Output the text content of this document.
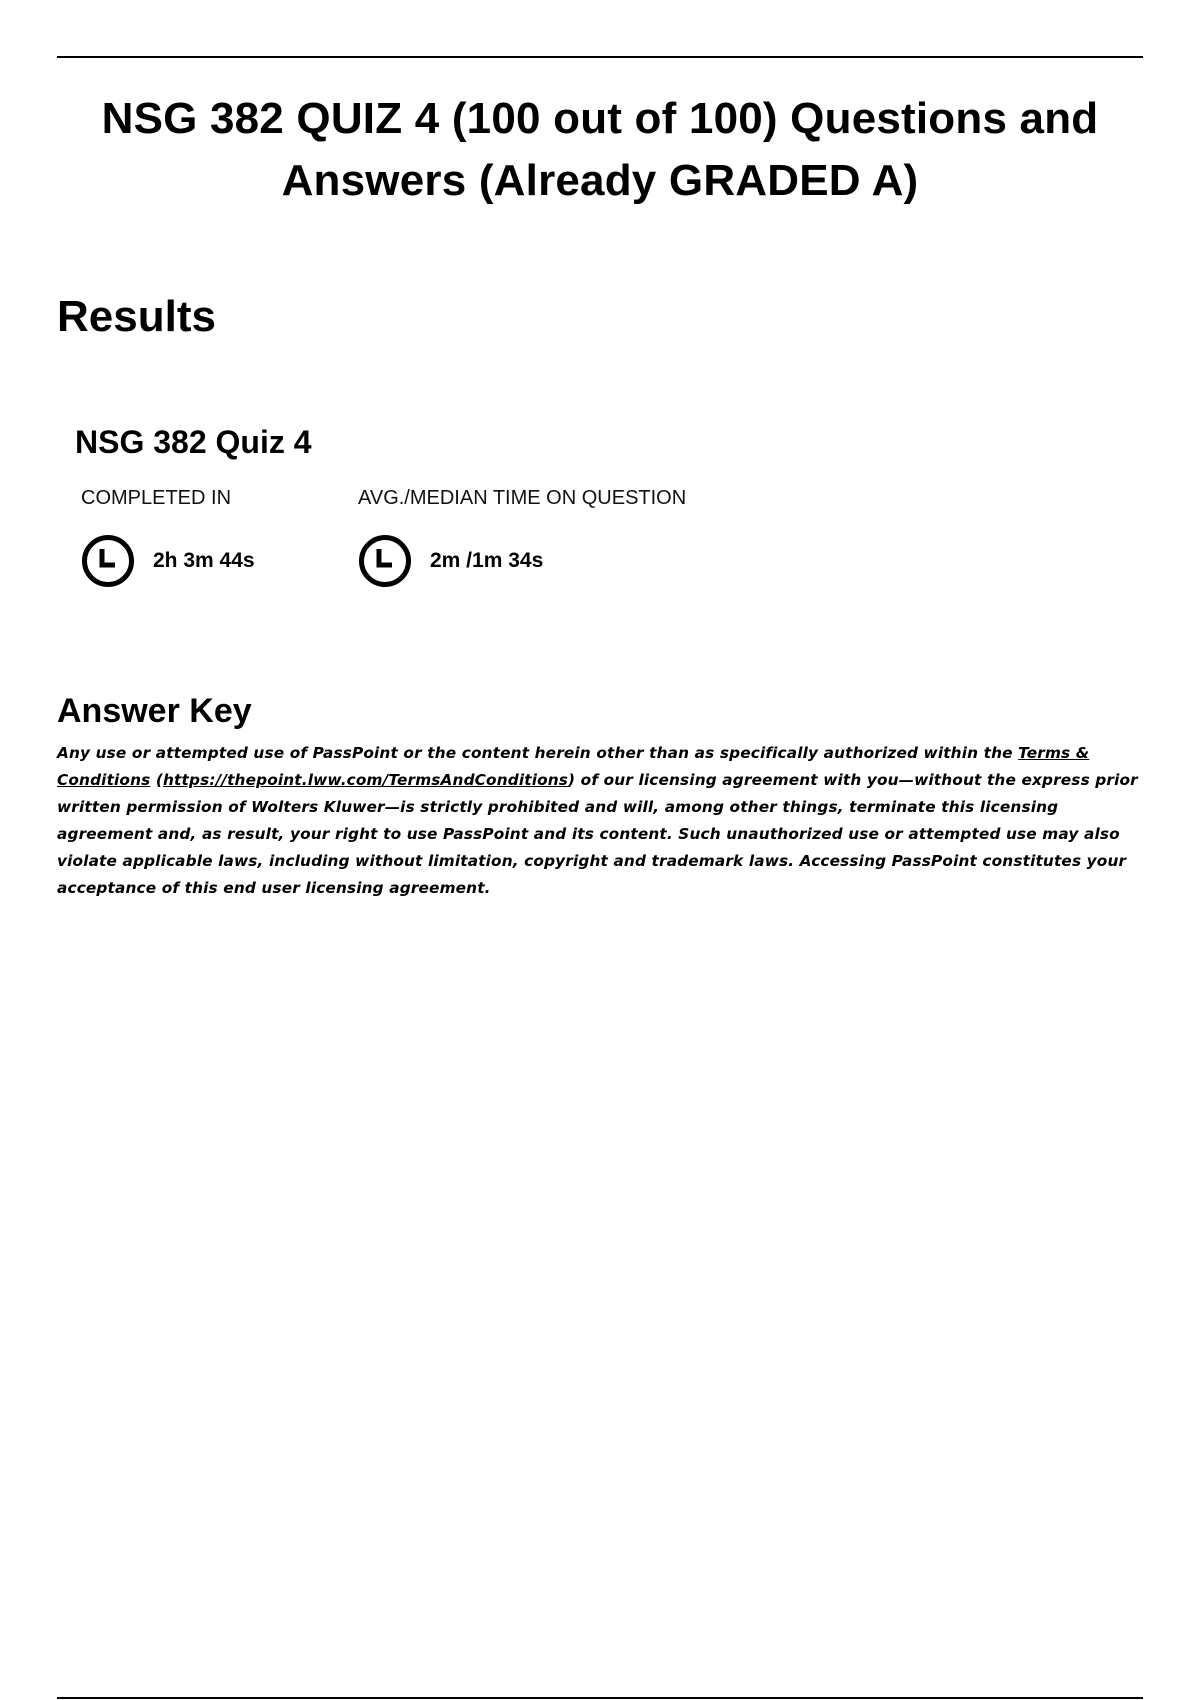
NSG 382 QUIZ 4 (100 out of 100) Questions and Answers (Already GRADED A)
Results
NSG 382 Quiz 4
COMPLETED IN
2h 3m 44s
AVG./MEDIAN TIME ON QUESTION
2m /1m 34s
Answer Key

Any use or attempted use of PassPoint or the content herein other than as specifically authorized within the Terms & Conditions (https://thepoint.lww.com/TermsAndConditions) of our licensing agreement with you—without the express prior written permission of Wolters Kluwer—is strictly prohibited and will, among other things, terminate this licensing agreement and, as result, your right to use PassPoint and its content. Such unauthorized use or attempted use may also violate applicable laws, including without limitation, copyright and trademark laws. Accessing PassPoint constitutes your acceptance of this end user licensing agreement.
